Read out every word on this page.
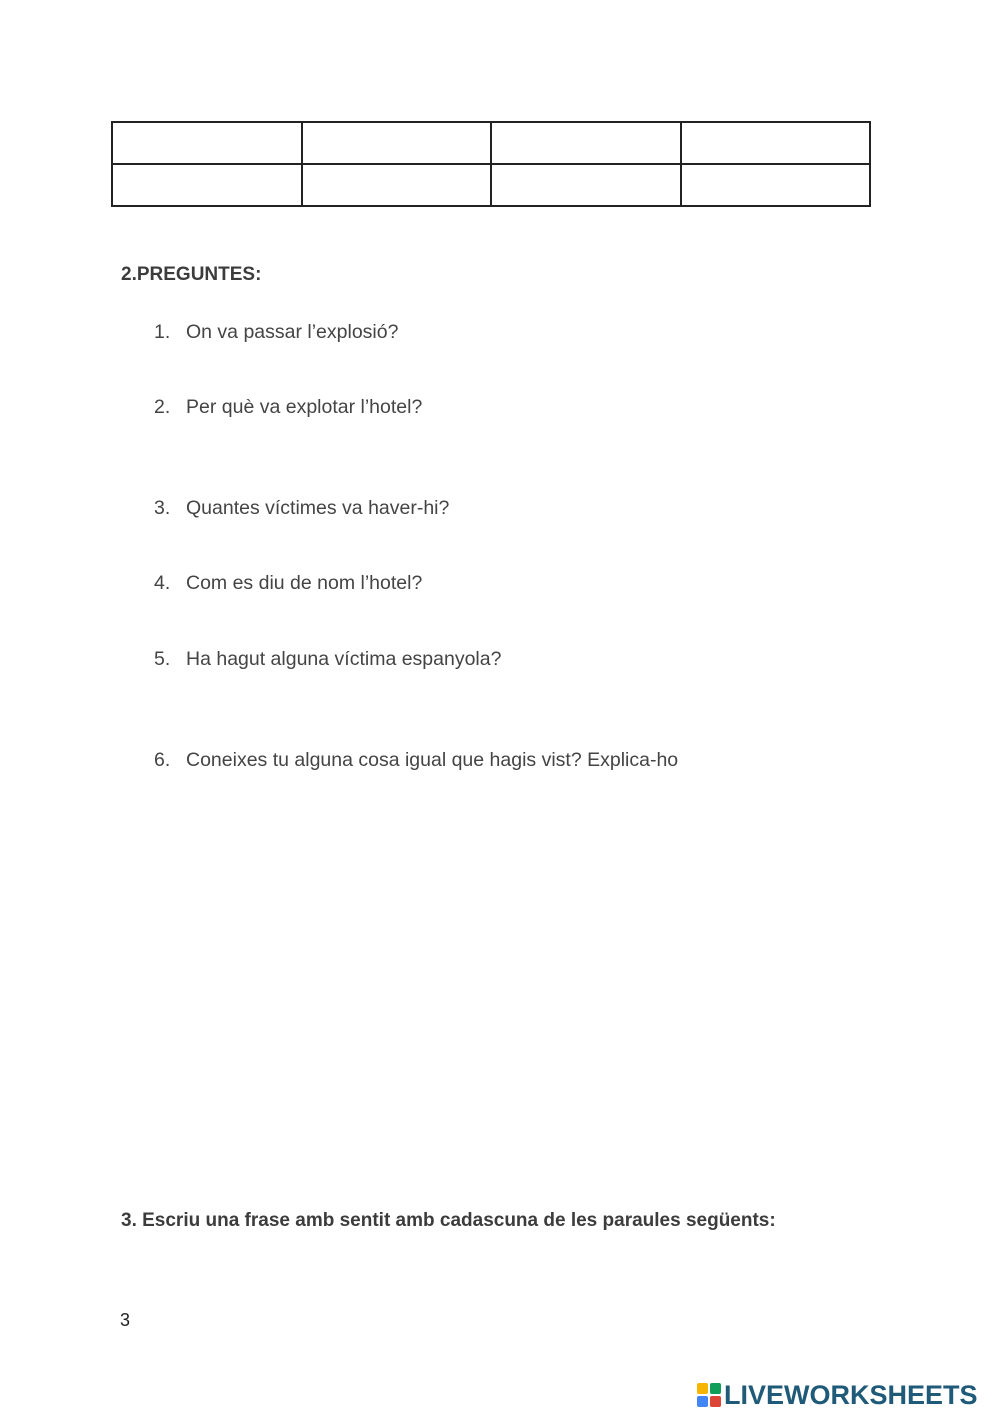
2.PREGUNTES:
1. On va passar l’explosió?
2. Per què va explotar l’hotel?
3. Quantes víctimes va haver-hi?
4. Com es diu de nom l’hotel?
5. Ha hagut alguna víctima espanyola?
6. Coneixes tu alguna cosa igual que hagis vist? Explica-ho
3. Escriu una frase amb sentit amb cadascuna de les paraules següents:
3
LIVEWORKSHEETS
